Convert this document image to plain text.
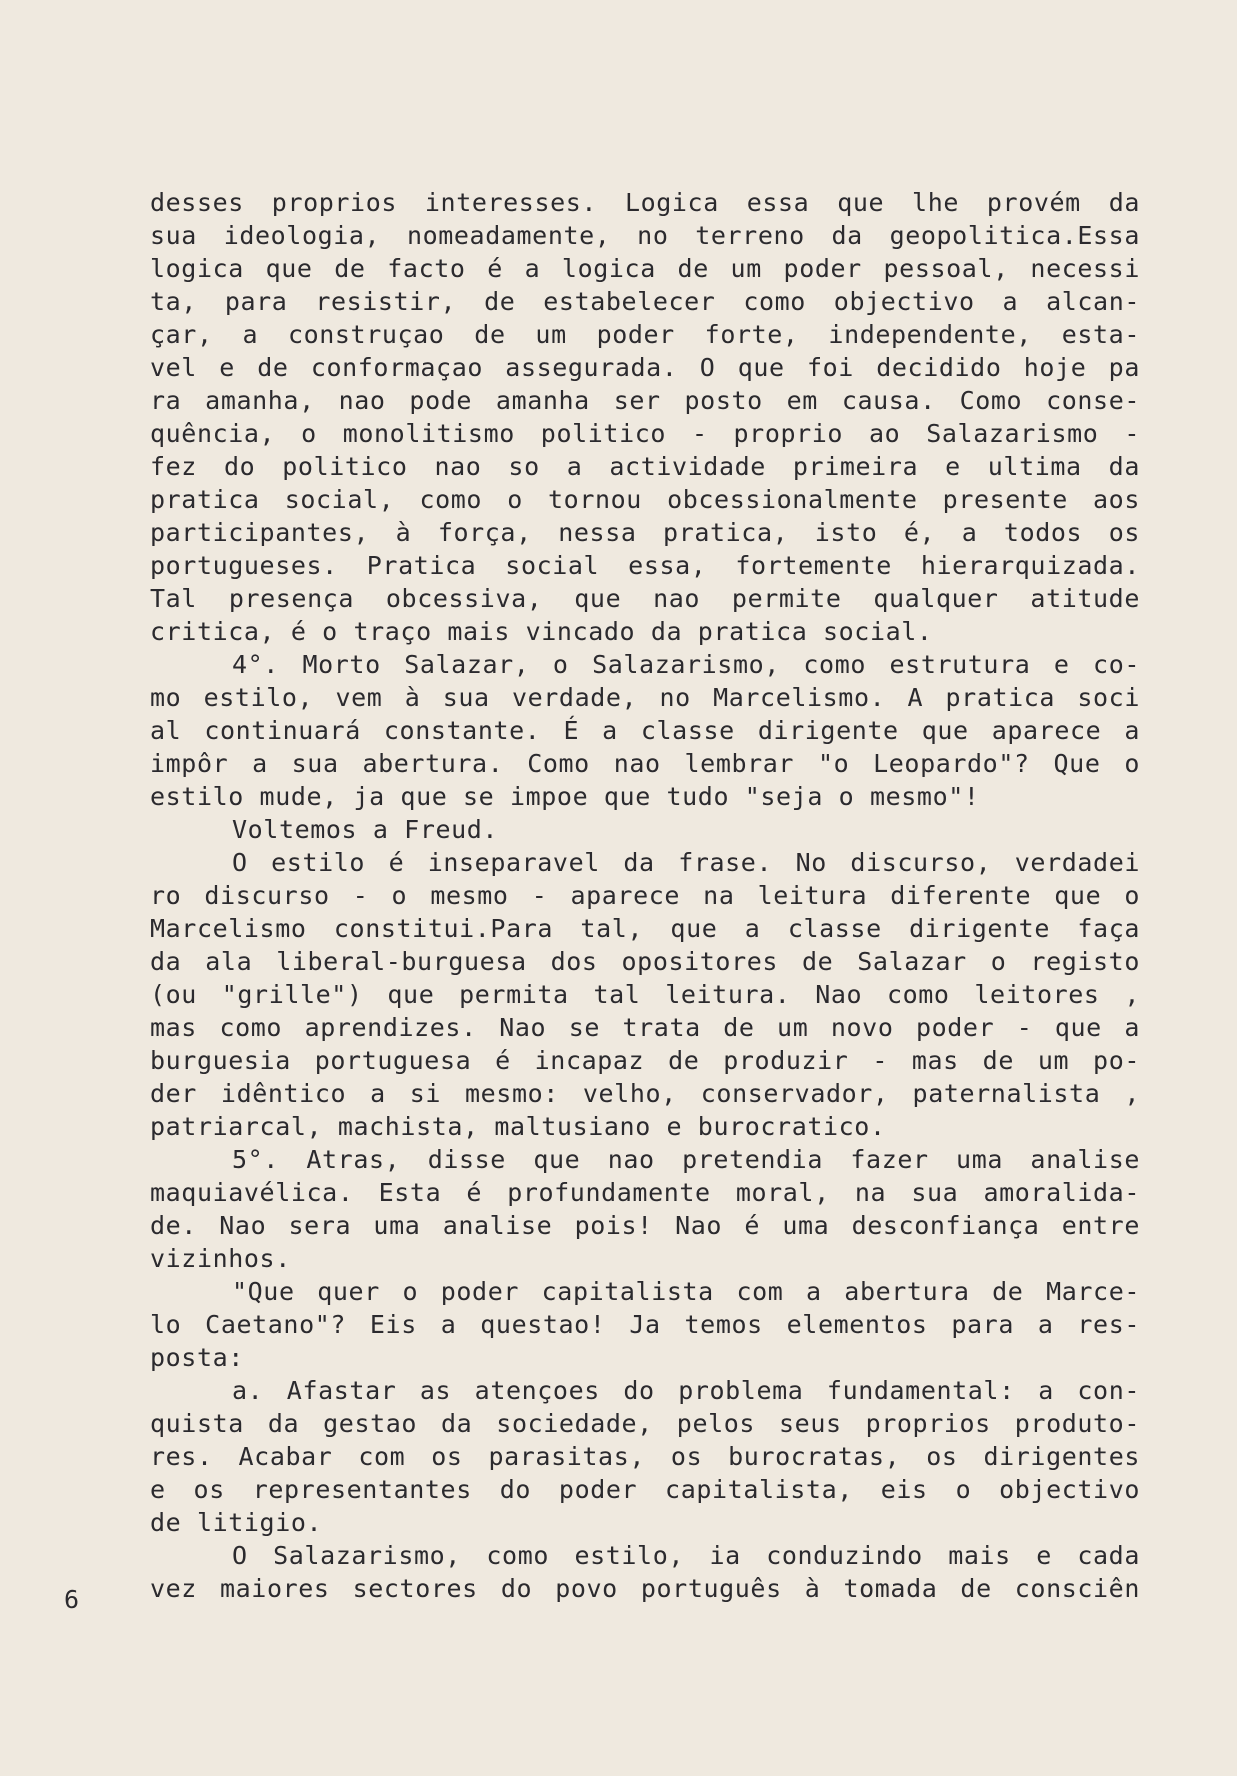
desses proprios interesses. Logica essa que lhe provém da
sua ideologia, nomeadamente, no terreno da geopolitica.Essa
logica que de facto é a logica de um poder pessoal, necessi
ta, para resistir, de estabelecer como objectivo a alcan-
çar, a construçao de um poder forte, independente, esta-
vel e de conformaçao assegurada. O que foi decidido hoje pa
ra amanha, nao pode amanha ser posto em causa. Como conse-
quência, o monolitismo politico - proprio ao Salazarismo -
fez do politico nao so a actividade primeira e ultima da
pratica social, como o tornou obcessionalmente presente aos
participantes, à força, nessa pratica, isto é, a todos os
portugueses. Pratica social essa, fortemente hierarquizada.
Tal presença obcessiva, que nao permite qualquer atitude
critica, é o traço mais vincado da pratica social.
4°. Morto Salazar, o Salazarismo, como estrutura e co-
mo estilo, vem à sua verdade, no Marcelismo. A pratica soci
al continuará constante. É a classe dirigente que aparece a
impôr a sua abertura. Como nao lembrar "o Leopardo"? Que o
estilo mude, ja que se impoe que tudo "seja o mesmo"!
Voltemos a Freud.
O estilo é inseparavel da frase. No discurso, verdadei
ro discurso - o mesmo - aparece na leitura diferente que o
Marcelismo constitui.Para tal, que a classe dirigente faça
da ala liberal-burguesa dos opositores de Salazar o registo
(ou "grille") que permita tal leitura. Nao como leitores ,
mas como aprendizes. Nao se trata de um novo poder - que a
burguesia portuguesa é incapaz de produzir - mas de um po-
der idêntico a si mesmo: velho, conservador, paternalista ,
patriarcal, machista, maltusiano e burocratico.
5°. Atras, disse que nao pretendia fazer uma analise
maquiavélica. Esta é profundamente moral, na sua amoralida-
de. Nao sera uma analise pois! Nao é uma desconfiança entre
vizinhos.
"Que quer o poder capitalista com a abertura de Marce-
lo Caetano"? Eis a questao! Ja temos elementos para a res-
posta:
a. Afastar as atençoes do problema fundamental: a con-
quista da gestao da sociedade, pelos seus proprios produto-
res. Acabar com os parasitas, os burocratas, os dirigentes
e os representantes do poder capitalista, eis o objectivo
de litigio.
O Salazarismo, como estilo, ia conduzindo mais e cada
vez maiores sectores do povo português à tomada de consciên
6
